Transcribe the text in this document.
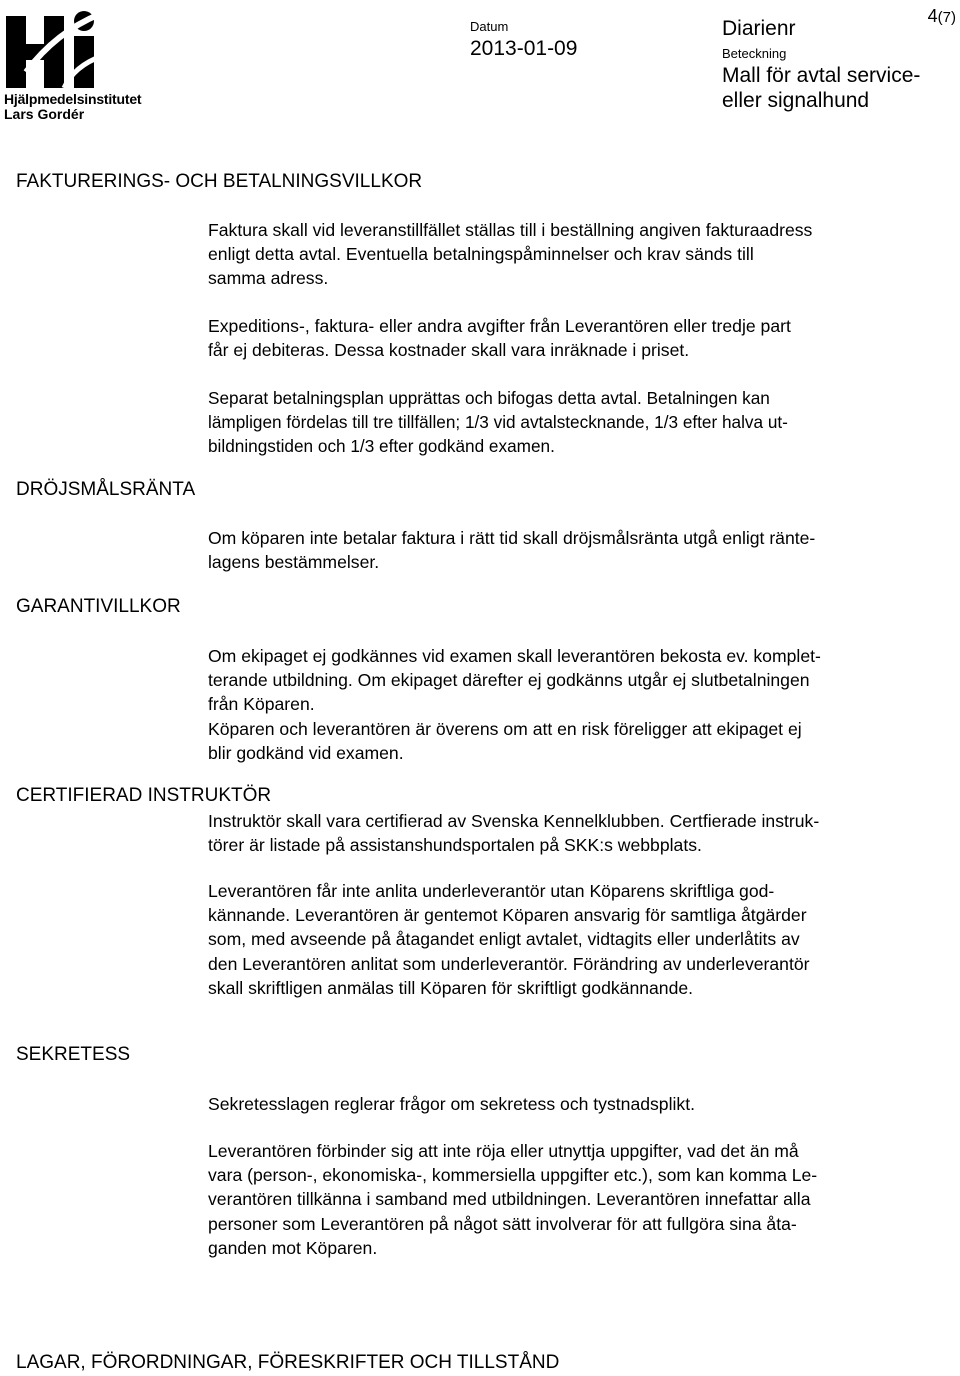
Hjälpmedelsinstitutet
Lars Gordér
Datum
2013-01-09
Diarienr
Beteckning
Mall för avtal service-
eller signalhund
4(7)
FAKTURERINGS- OCH BETALNINGSVILLKOR
Faktura skall vid leveranstillfället ställas till i beställning angiven fakturaadress
enligt detta avtal. Eventuella betalningspåminnelser och krav sänds till
samma adress.
Expeditions-, faktura- eller andra avgifter från Leverantören eller tredje part
får ej debiteras. Dessa kostnader skall vara inräknade i priset.
Separat betalningsplan upprättas och bifogas detta avtal. Betalningen kan
lämpligen fördelas till tre tillfällen; 1/3 vid avtalstecknande, 1/3 efter halva ut-
bildningstiden och 1/3 efter godkänd examen.
DRÖJSMÅLSRÄNTA
Om köparen inte betalar faktura i rätt tid skall dröjsmålsränta utgå enligt ränte-
lagens bestämmelser.
GARANTIVILLKOR
Om ekipaget ej godkännes vid examen skall leverantören bekosta ev. komplet-
terande utbildning. Om ekipaget därefter ej godkänns utgår ej slutbetalningen
från Köparen.
Köparen och leverantören är överens om att en risk föreligger att ekipaget ej
blir godkänd vid examen.
CERTIFIERAD INSTRUKTÖR
Instruktör skall vara certifierad av Svenska Kennelklubben. Certfierade instruk-
törer är listade på assistanshundsportalen på SKK:s webbplats.
Leverantören får inte anlita underleverantör utan Köparens skriftliga god-
kännande. Leverantören är gentemot Köparen ansvarig för samtliga åtgärder
som, med avseende på åtagandet enligt avtalet, vidtagits eller underlåtits av
den Leverantören anlitat som underleverantör. Förändring av underleverantör
skall skriftligen anmälas till Köparen för skriftligt godkännande.
SEKRETESS
Sekretesslagen reglerar frågor om sekretess och tystnadsplikt.
Leverantören förbinder sig att inte röja eller utnyttja uppgifter, vad det än må
vara (person-, ekonomiska-, kommersiella uppgifter etc.), som kan komma Le-
verantören tillkänna i samband med utbildningen. Leverantören innefattar alla
personer som Leverantören på något sätt involverar för att fullgöra sina åta-
ganden mot Köparen.
LAGAR, FÖRORDNINGAR, FÖRESKRIFTER OCH TILLSTÅND
